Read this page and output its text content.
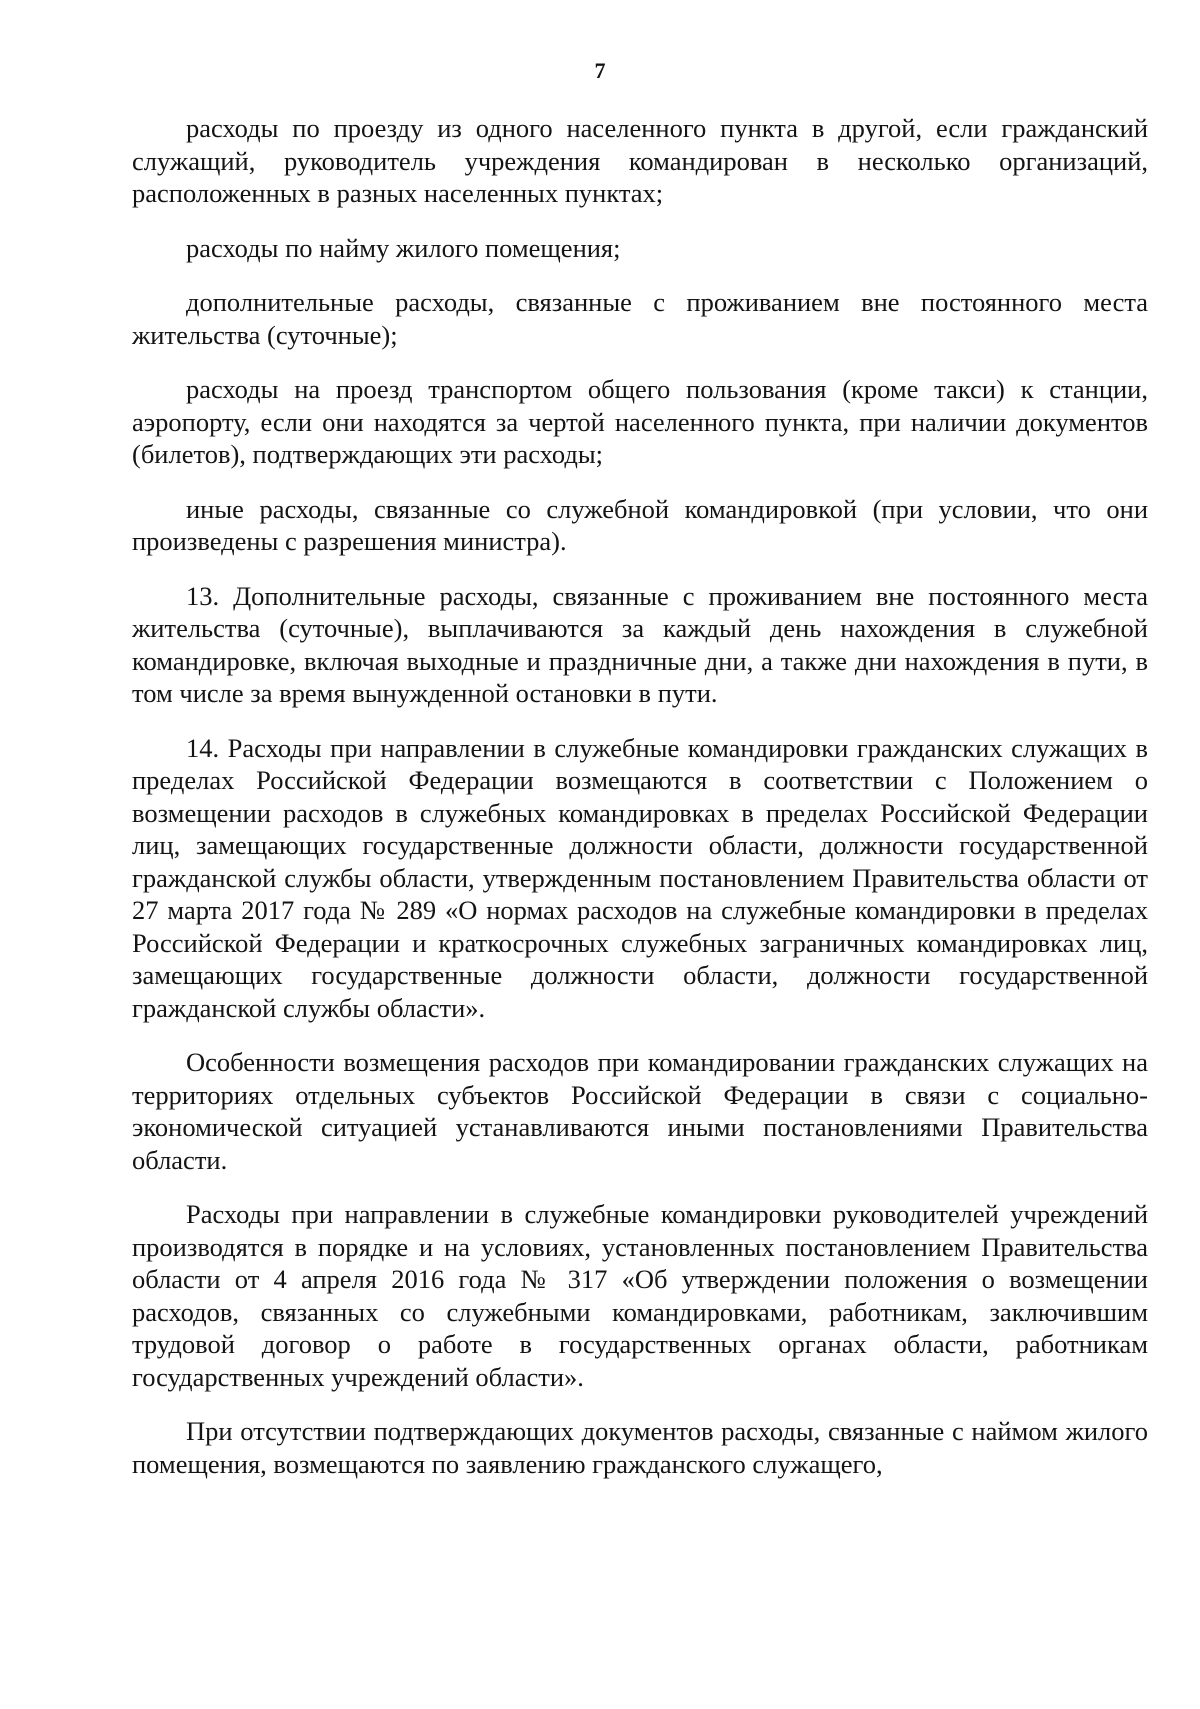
7

расходы по проезду из одного населенного пункта в другой, если гражданский служащий, руководитель учреждения командирован в несколько организаций, расположенных в разных населенных пунктах;

расходы по найму жилого помещения;

дополнительные расходы, связанные с проживанием вне постоянного места жительства (суточные);

расходы на проезд транспортом общего пользования (кроме такси) к станции, аэропорту, если они находятся за чертой населенного пункта, при наличии документов (билетов), подтверждающих эти расходы;

иные расходы, связанные со служебной командировкой (при условии, что они произведены с разрешения министра).

13. Дополнительные расходы, связанные с проживанием вне постоянного места жительства (суточные), выплачиваются за каждый день нахождения в служебной командировке, включая выходные и праздничные дни, а также дни нахождения в пути, в том числе за время вынужденной остановки в пути.

14. Расходы при направлении в служебные командировки гражданских служащих в пределах Российской Федерации возмещаются в соответствии с Положением о возмещении расходов в служебных командировках в пределах Российской Федерации лиц, замещающих государственные должности области, должности государственной гражданской службы области, утвержденным постановлением Правительства области от 27 марта 2017 года № 289 «О нормах расходов на служебные командировки в пределах Российской Федерации и краткосрочных служебных заграничных командировках лиц, замещающих государственные должности области, должности государственной гражданской службы области».

Особенности возмещения расходов при командировании гражданских служащих на территориях отдельных субъектов Российской Федерации в связи с социально-экономической ситуацией устанавливаются иными постановлениями Правительства области.

Расходы при направлении в служебные командировки руководителей учреждений производятся в порядке и на условиях, установленных постановлением Правительства области от 4 апреля 2016 года № 317 «Об утверждении положения о возмещении расходов, связанных со служебными командировками, работникам, заключившим трудовой договор о работе в государственных органах области, работникам государственных учреждений области».

При отсутствии подтверждающих документов расходы, связанные с наймом жилого помещения, возмещаются по заявлению гражданского служащего,
